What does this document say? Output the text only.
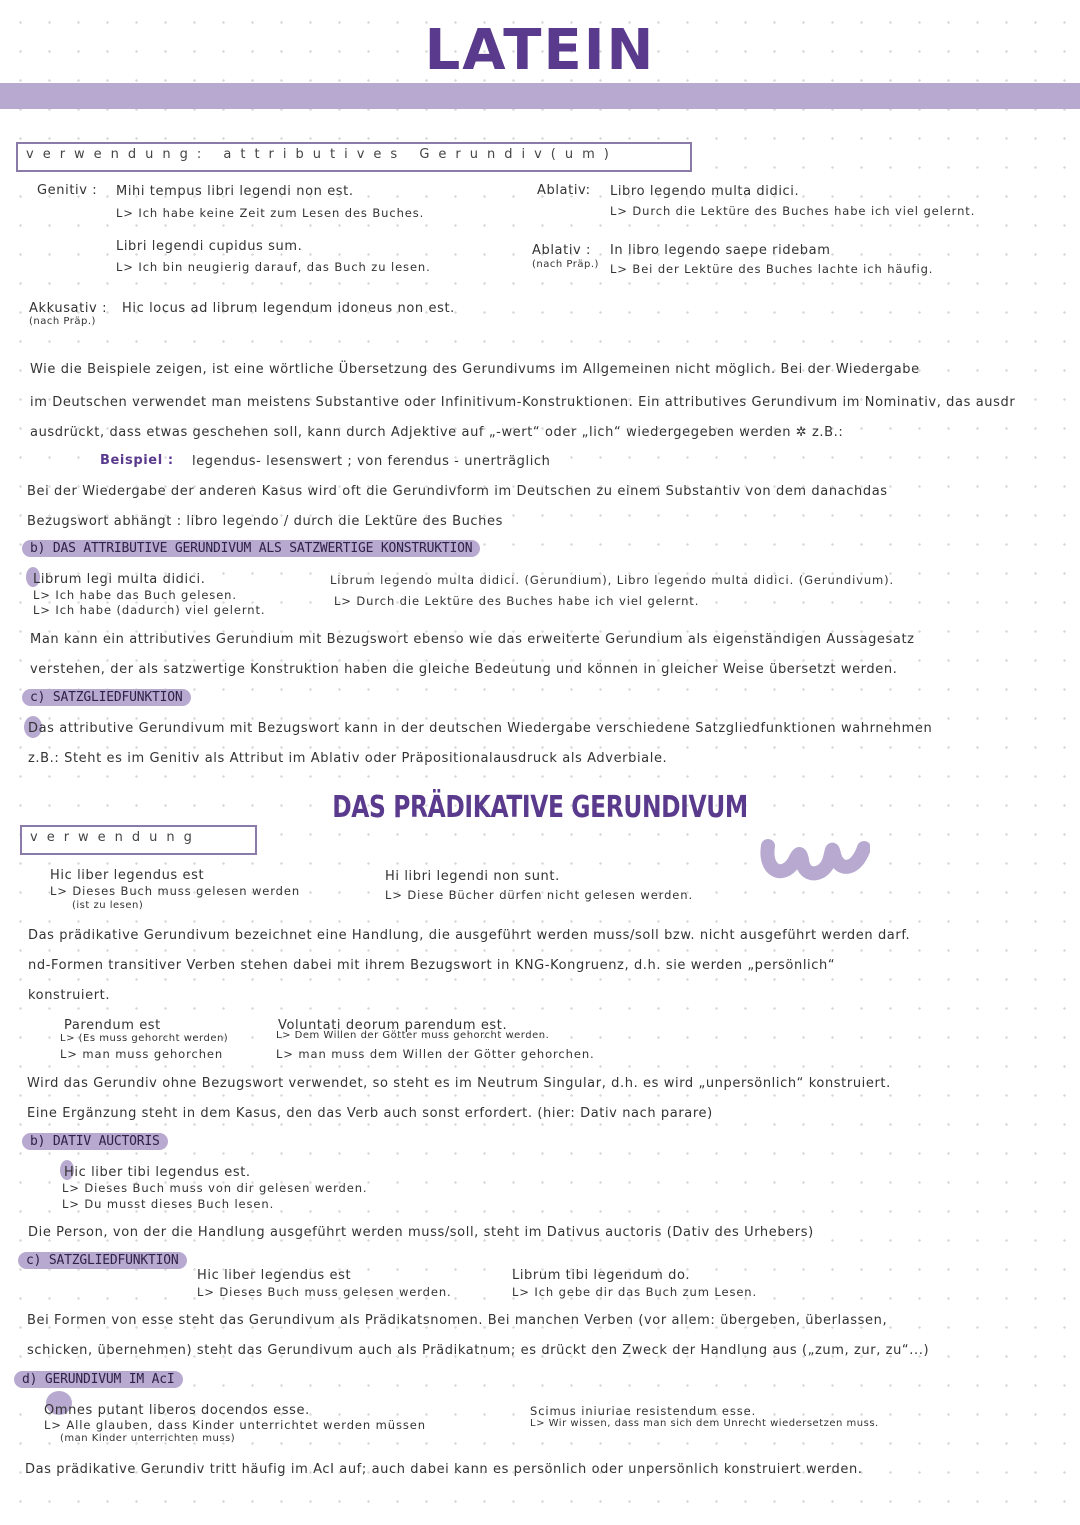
LATEIN
verwendung: attributives Gerundiv(um)
Genitiv : Mihi tempus libri legendi non est.
L> Ich habe keine Zeit zum Lesen des Buches.
Libri legendi cupidus sum.
L> Ich bin neugierig darauf, das Buch zu lesen.
Ablativ: Libro legendo multa didici.
L> Durch die Lektüre des Buches habe ich viel gelernt.
Ablativ :
(nach Präp.)
In libro legendo saepe ridebam
L> Bei der Lektüre des Buches lachte ich häufig.
Akkusativ :
(nach Präp.)
Hic locus ad librum legendum idoneus non est.
Wie die Beispiele zeigen, ist eine wörtliche Übersetzung des Gerundivums im Allgemeinen nicht möglich. Bei der Wiedergabe
im Deutschen verwendet man meistens Substantive oder Infinitivum-Konstruktionen. Ein attributives Gerundivum im Nominativ, das ausdr
ausdrückt, dass etwas geschehen soll, kann durch Adjektive auf „-wert“ oder „lich“ wiedergegeben werden ✲ z.B.:
Beispiel : legendus- lesenswert ; von ferendus - unerträglich
Bei der Wiedergabe der anderen Kasus wird oft die Gerundivform im Deutschen zu einem Substantiv von dem danachdas
Bezugswort abhängt : libro legendo / durch die Lektüre des Buches
b) DAS ATTRIBUTIVE GERUNDIVUM ALS SATZWERTIGE KONSTRUKTION
Librum legi multa didici.
L> Ich habe das Buch gelesen.
L> Ich habe (dadurch) viel gelernt.
Librum legendo multa didici. (Gerundium), Libro legendo multa didici. (Gerundivum).
L> Durch die Lektüre des Buches habe ich viel gelernt.
Man kann ein attributives Gerundium mit Bezugswort ebenso wie das erweiterte Gerundium als eigenständigen Aussagesatz
verstehen, der als satzwertige Konstruktion haben die gleiche Bedeutung und können in gleicher Weise übersetzt werden.
c) SATZGLIEDFUNKTION
Das attributive Gerundivum mit Bezugswort kann in der deutschen Wiedergabe verschiedene Satzgliedfunktionen wahrnehmen
z.B.: Steht es im Genitiv als Attribut im Ablativ oder Präpositionalausdruck als Adverbiale.
DAS PRÄDIKATIVE GERUNDIVUM
verwendung
Hic liber legendus est
L> Dieses Buch muss gelesen werden
(ist zu lesen)
Hi libri legendi non sunt.
L> Diese Bücher dürfen nicht gelesen werden.
Das prädikative Gerundivum bezeichnet eine Handlung, die ausgeführt werden muss/soll bzw. nicht ausgeführt werden darf.
nd-Formen transitiver Verben stehen dabei mit ihrem Bezugswort in KNG-Kongruenz, d.h. sie werden „persönlich“
konstruiert.
Parendum est
L> (Es muss gehorcht werden)
L> man muss gehorchen
Voluntati deorum parendum est.
L> Dem Willen der Götter muss gehorcht werden.
L> man muss dem Willen der Götter gehorchen.
Wird das Gerundiv ohne Bezugswort verwendet, so steht es im Neutrum Singular, d.h. es wird „unpersönlich“ konstruiert.
Eine Ergänzung steht in dem Kasus, den das Verb auch sonst erfordert. (hier: Dativ nach parare)
b) DATIV AUCTORIS
Hic liber tibi legendus est.
L> Dieses Buch muss von dir gelesen werden.
L> Du musst dieses Buch lesen.
Die Person, von der die Handlung ausgeführt werden muss/soll, steht im Dativus auctoris (Dativ des Urhebers)
c) SATZGLIEDFUNKTION
Hic liber legendus est
L> Dieses Buch muss gelesen werden.
Librum tibi legendum do.
L> Ich gebe dir das Buch zum Lesen.
Bei Formen von esse steht das Gerundivum als Prädikatsnomen. Bei manchen Verben (vor allem: übergeben, überlassen,
schicken, übernehmen) steht das Gerundivum auch als Prädikatnum; es drückt den Zweck der Handlung aus („zum, zur, zu“...)
d) GERUNDIVUM IM AcI
Omnes putant liberos docendos esse.
L> Alle glauben, dass Kinder unterrichtet werden müssen
(man Kinder unterrichten muss)
Scimus iniuriae resistendum esse.
L> Wir wissen, dass man sich dem Unrecht wiedersetzen muss.
Das prädikative Gerundiv tritt häufig im AcI auf; auch dabei kann es persönlich oder unpersönlich konstruiert werden.
